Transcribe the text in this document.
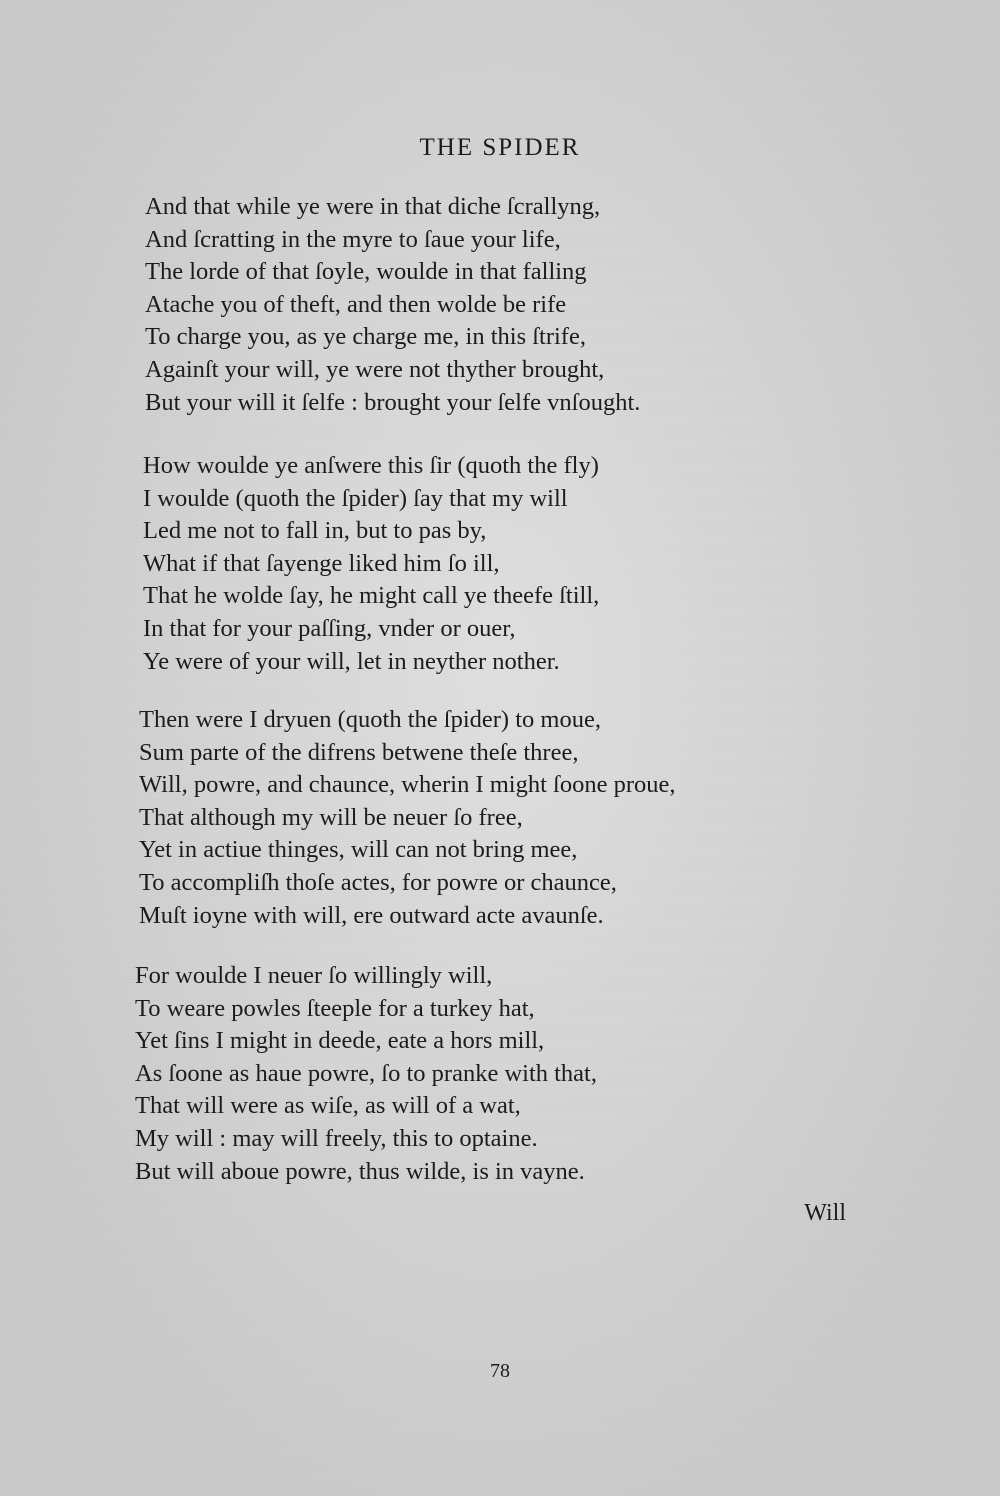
THE SPIDER
And that while ye were in that diche ſcrallyng,
And ſcratting in the myre to ſaue your life,
The lorde of that ſoyle, woulde in that falling
Atache you of theft, and then wolde be rife
To charge you, as ye charge me, in this ſtrife,
Againſt your will, ye were not thyther brought,
But your will it ſelfe : brought your ſelfe vnſought.
How woulde ye anſwere this ſir (quoth the fly)
I woulde (quoth the ſpider) ſay that my will
Led me not to fall in, but to pas by,
What if that ſayenge liked him ſo ill,
That he wolde ſay, he might call ye theefe ſtill,
In that for your paſſing, vnder or ouer,
Ye were of your will, let in neyther nother.
Then were I dryuen (quoth the ſpider) to moue,
Sum parte of the difrens betwene theſe three,
Will, powre, and chaunce, wherin I might ſoone proue,
That although my will be neuer ſo free,
Yet in actiue thinges, will can not bring mee,
To accompliſh thoſe actes, for powre or chaunce,
Muſt ioyne with will, ere outward acte avaunſe.
For woulde I neuer ſo willingly will,
To weare powles ſteeple for a turkey hat,
Yet ſins I might in deede, eate a hors mill,
As ſoone as haue powre, ſo to pranke with that,
That will were as wiſe, as will of a wat,
My will : may will freely, this to optaine.
But will aboue powre, thus wilde, is in vayne.

Will

78
